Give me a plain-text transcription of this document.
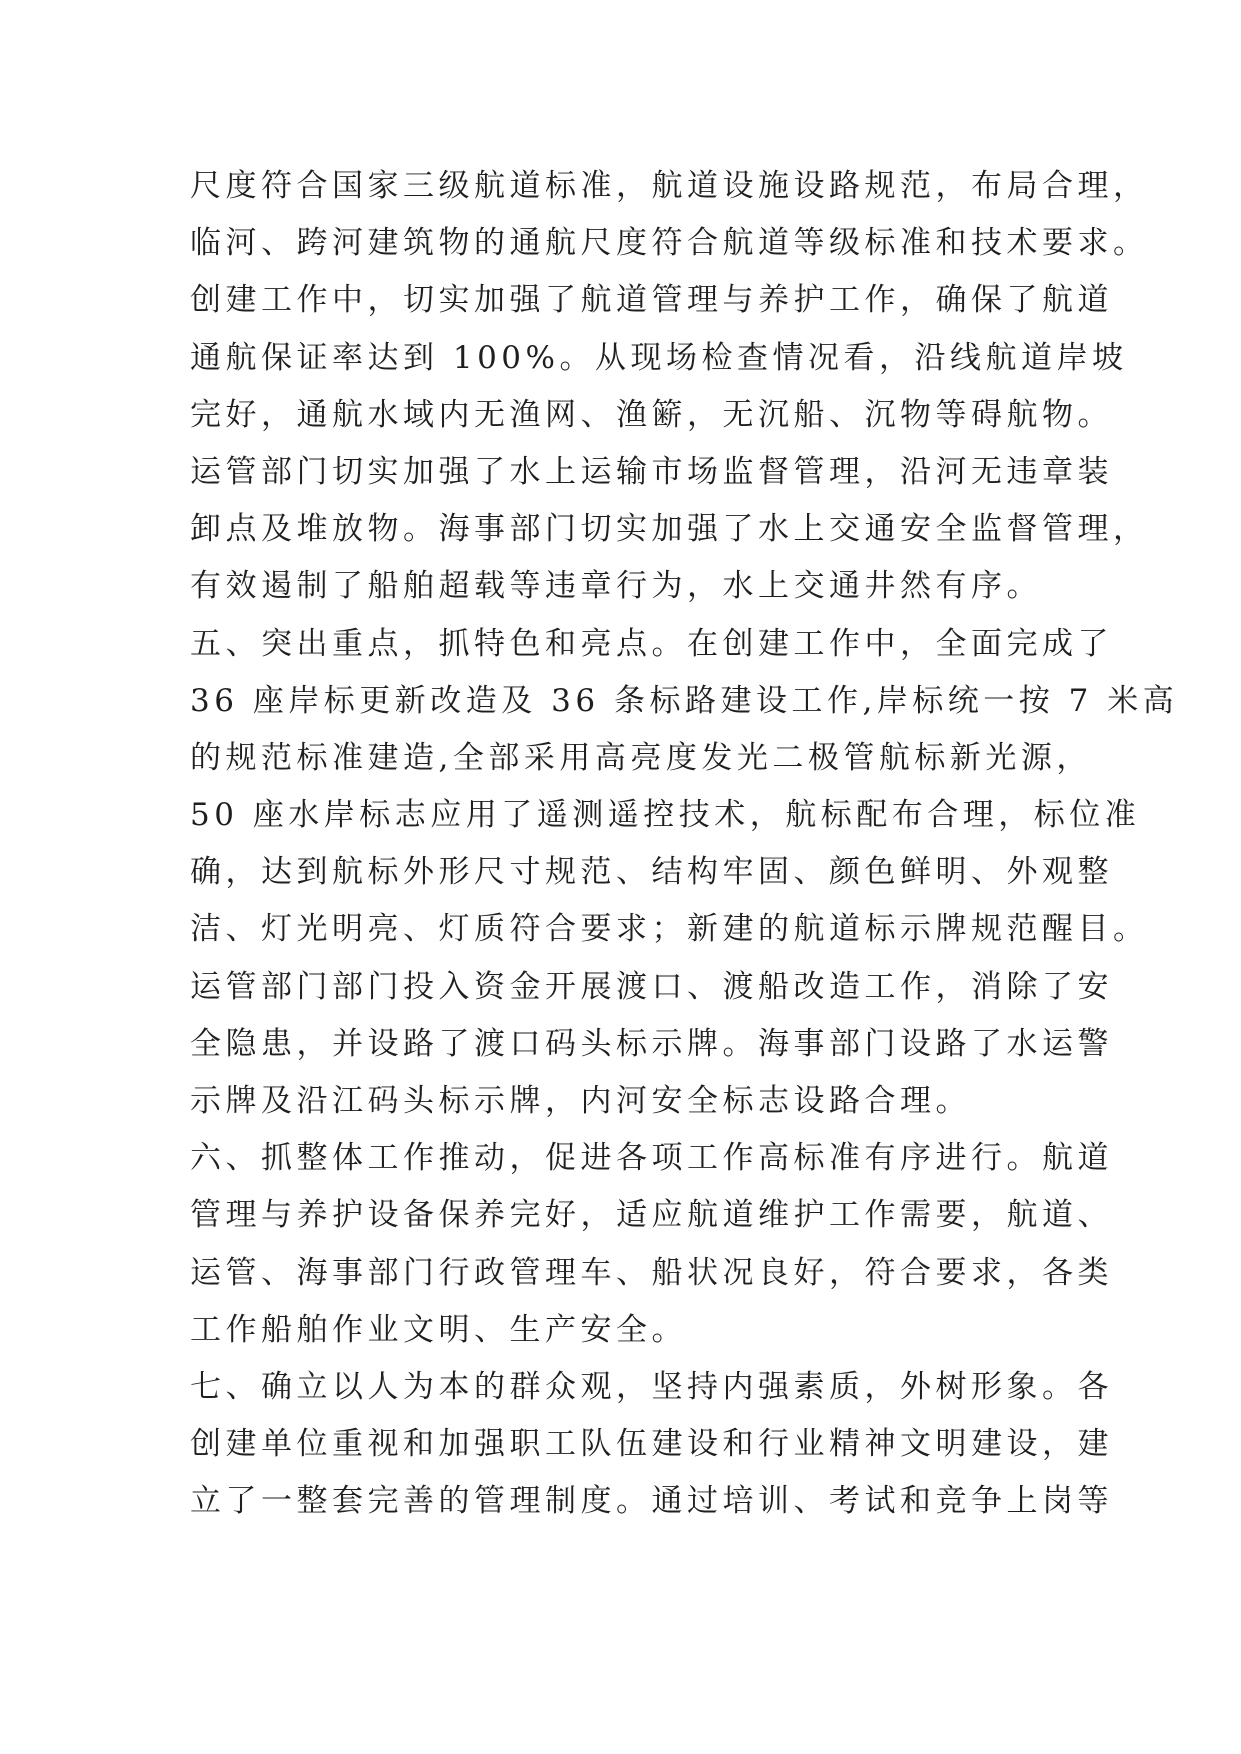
尺度符合国家三级航道标准，航道设施设路规范，布局合理，
临河、跨河建筑物的通航尺度符合航道等级标准和技术要求。
创建工作中，切实加强了航道管理与养护工作，确保了航道
通航保证率达到 100%。从现场检查情况看，沿线航道岸坡
完好，通航水域内无渔网、渔簖，无沉船、沉物等碍航物。
运管部门切实加强了水上运输市场监督管理，沿河无违章装
卸点及堆放物。海事部门切实加强了水上交通安全监督管理，
有效遏制了船舶超载等违章行为，水上交通井然有序。
五、突出重点，抓特色和亮点。在创建工作中，全面完成了
36 座岸标更新改造及 36 条标路建设工作,岸标统一按 7 米高
的规范标准建造,全部采用高亮度发光二极管航标新光源，
50 座水岸标志应用了遥测遥控技术，航标配布合理，标位准
确，达到航标外形尺寸规范、结构牢固、颜色鲜明、外观整
洁、灯光明亮、灯质符合要求；新建的航道标示牌规范醒目。
运管部门部门投入资金开展渡口、渡船改造工作，消除了安
全隐患，并设路了渡口码头标示牌。海事部门设路了水运警
示牌及沿江码头标示牌，内河安全标志设路合理。
六、抓整体工作推动，促进各项工作高标准有序进行。航道
管理与养护设备保养完好，适应航道维护工作需要，航道、
运管、海事部门行政管理车、船状况良好，符合要求，各类
工作船舶作业文明、生产安全。
七、确立以人为本的群众观，坚持内强素质，外树形象。各
创建单位重视和加强职工队伍建设和行业精神文明建设，建
立了一整套完善的管理制度。通过培训、考试和竞争上岗等
